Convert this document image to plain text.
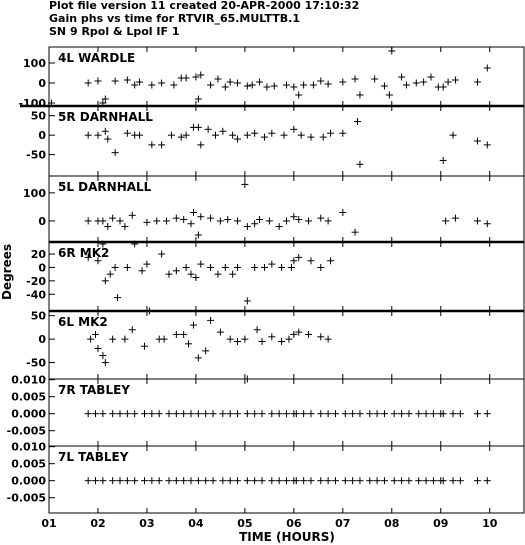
Plot file version 11 created 20-APR-2000 17:10:32
Gain phs vs time for RTVIR_65.MULTTB.1
SN 9 Rpol & Lpol IF 1
4L WARDLE
100
0
-100
5R DARNHALL
50
0
-50
5L DARNHALL
100
0
6R MK2
20
0
-20
-40
6L MK2
50
0
-50
7R TABLEY
0.010
0.005
0.000
-0.005
7L TABLEY
0.010
0.005
0.000
-0.005
01	02	03	04	05	06	07	08	09	10
TIME (HOURS)
Degrees
